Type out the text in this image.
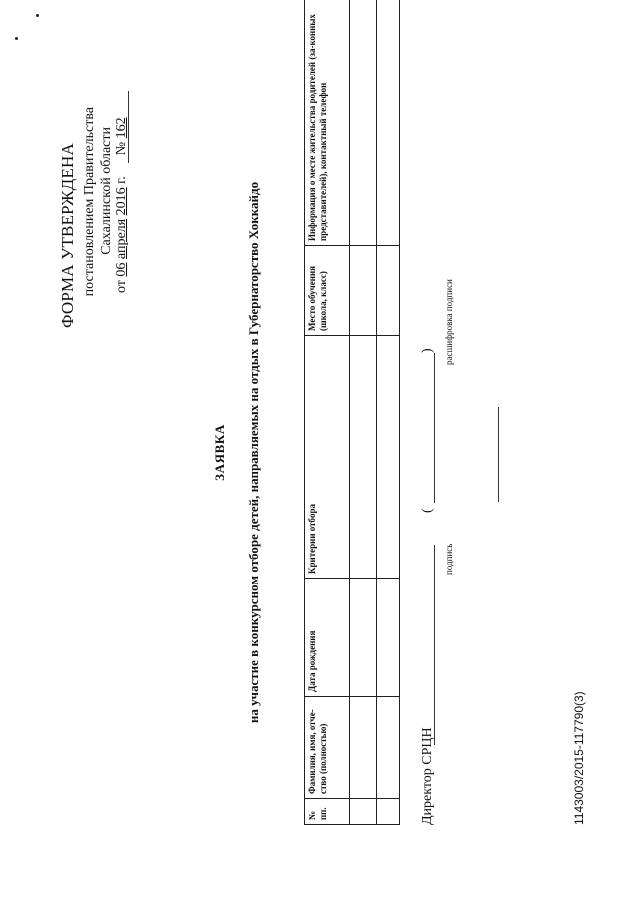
ФОРМА УТВЕРЖДЕНА постановлением Правительства Сахалинской области
от 06 апреля 2016 г.      № 162
ЗАЯВКА на участие в конкурсном отборе детей, направляемых на отдых в Губернаторство Хоккайдо
№ пп.	Фамилия, имя, отче-ство (полностью)	Дата рождения	Критерии отбора	Место обучения (школа, класс)	Информация о месте жительства родителей (за-конных представителей), контактный телефон

Директор СРЦН
(
)
подпись
расшифровка подписи
1143003/2015-117790(3)
